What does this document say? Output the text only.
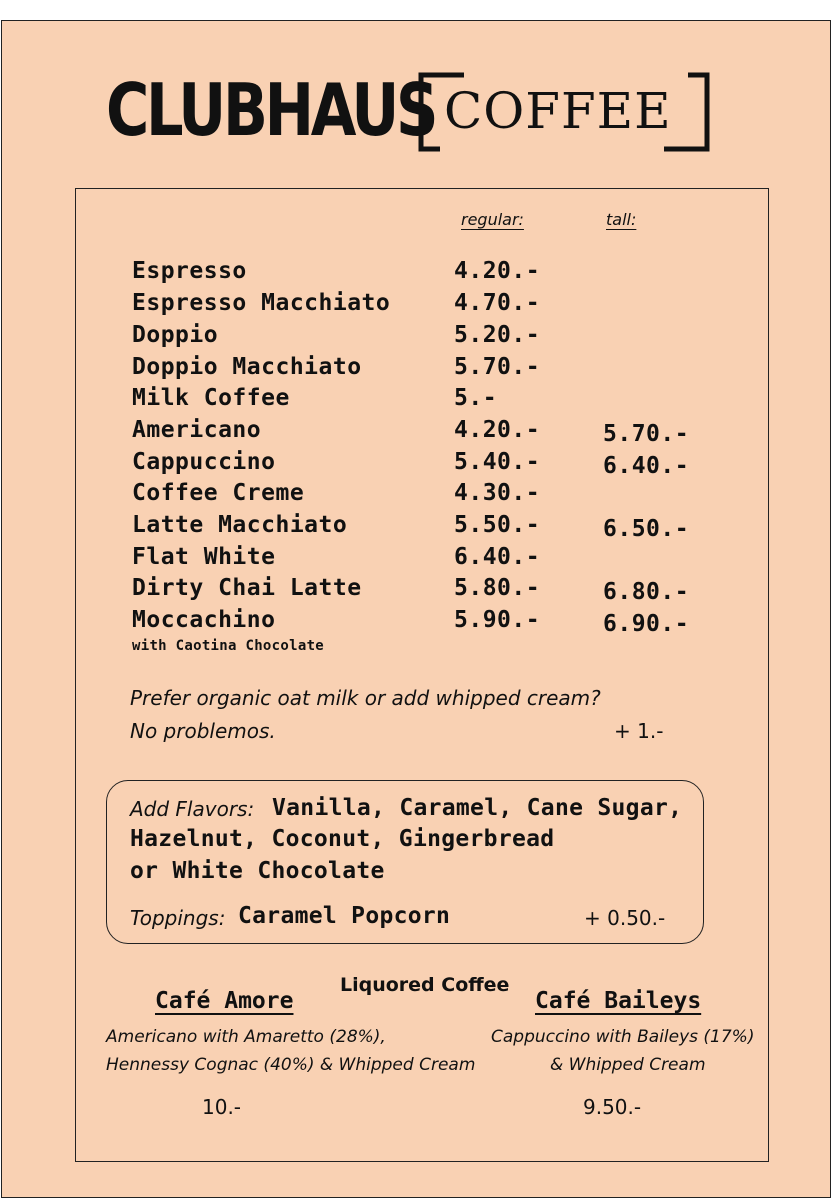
CLUBHAUS COFFEE
regular:	tall:
Espresso	4.20.-
Espresso Macchiato	4.70.-
Doppio	5.20.-
Doppio Macchiato	5.70.-
Milk Coffee	5.-
Americano	4.20.-	5.70.-
Cappuccino	5.40.-	6.40.-
Coffee Creme	4.30.-
Latte Macchiato	5.50.-	6.50.-
Flat White	6.40.-
Dirty Chai Latte	5.80.-	6.80.-
Moccachino	5.90.-	6.90.-
with Caotina Chocolate
Prefer organic oat milk or add whipped cream?
No problemos.	+ 1.-
Add Flavors: Vanilla, Caramel, Cane Sugar,
Hazelnut, Coconut, Gingerbread
or White Chocolate
Toppings: Caramel Popcorn	+ 0.50.-
Liquored Coffee
Café Amore
Americano with Amaretto (28%),
Hennessy Cognac (40%) & Whipped Cream
10.-
Café Baileys
Cappuccino with Baileys (17%)
& Whipped Cream
9.50.-
